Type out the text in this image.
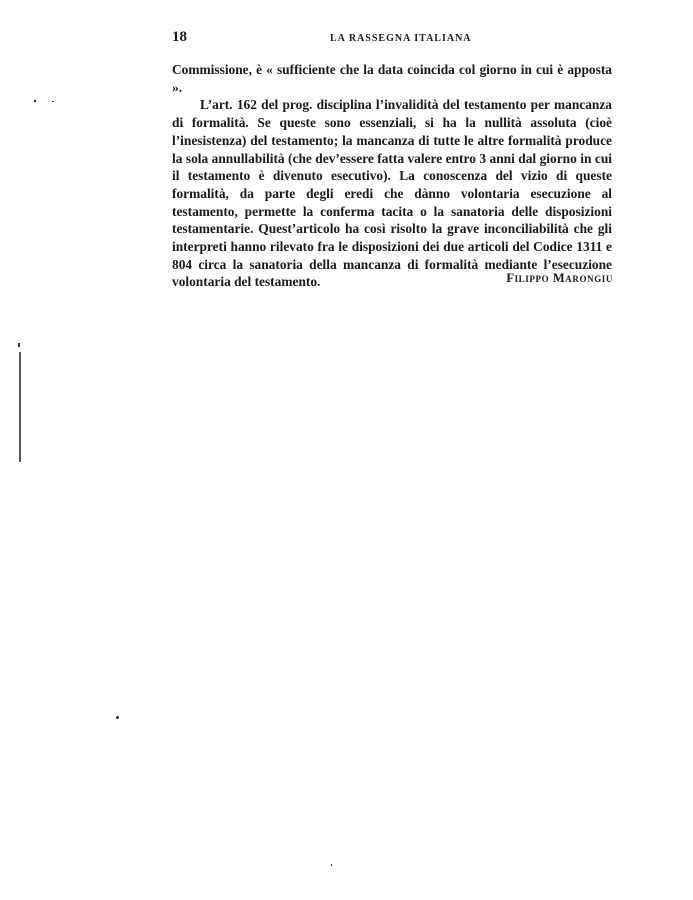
18	LA RASSEGNA ITALIANA

Commissione, è « sufficiente che la data coincida col giorno in cui è apposta ».

L’art. 162 del prog. disciplina l’invalidità del testamento per mancanza di formalità. Se queste sono essenziali, si ha la nullità assoluta (cioè l’inesistenza) del testamento; la mancanza di tutte le altre formalità produce la sola annullabilità (che dev’essere fatta valere entro 3 anni dal giorno in cui il testamento è divenuto esecutivo). La conoscenza del vizio di queste formalità, da parte degli eredi che dànno volontaria esecuzione al testamento, permette la conferma tacita o la sanatoria delle disposizioni testamentarie. Quest’articolo ha così risolto la grave inconciliabilità che gli interpreti hanno rilevato fra le disposizioni dei due articoli del Codice 1311 e 804 circa la sanatoria della mancanza di formalità mediante l’esecuzione volontaria del testamento.	Filippo Marongiu
